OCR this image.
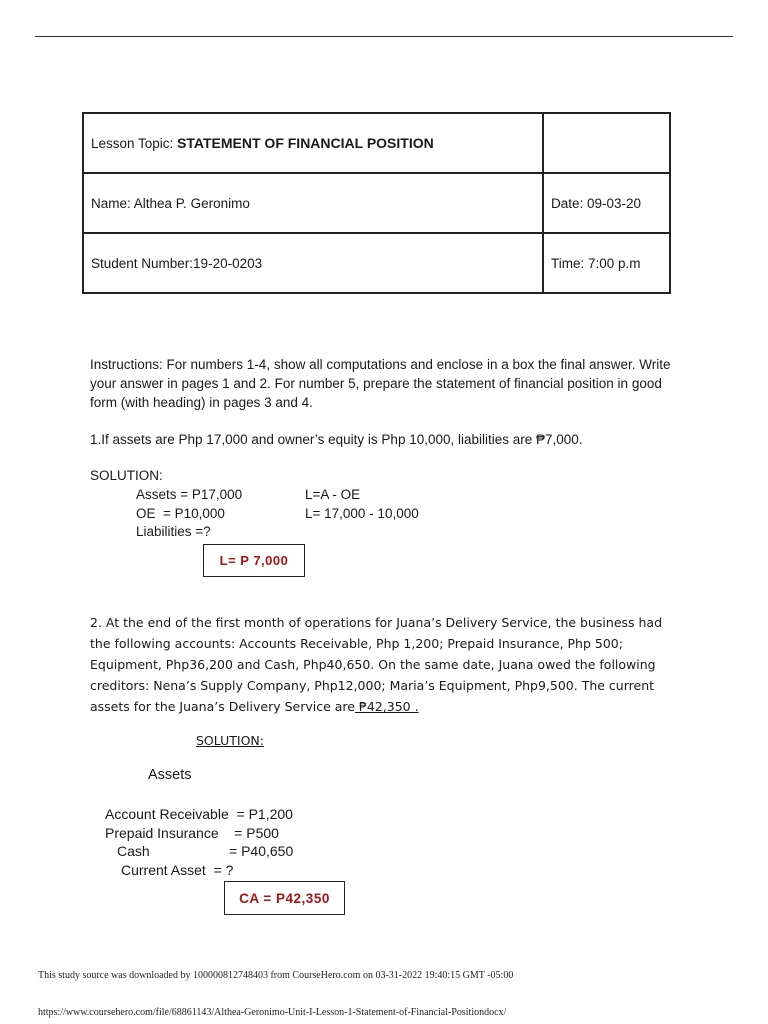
Lesson Topic: STATEMENT OF FINANCIAL POSITION	
Name: Althea P. Geronimo	Date: 09-03-20
Student Number:19-20-0203	Time: 7:00 p.m

Instructions: For numbers 1-4, show all computations and enclose in a box the final answer. Write your answer in pages 1 and 2. For number 5, prepare the statement of financial position in good form (with heading) in pages 3 and 4.

1.If assets are Php 17,000 and owner’s equity is Php 10,000, liabilities are ₱7,000.

SOLUTION:
Assets = P17,000
OE  = P10,000
Liabilities =?
L=A - OE
L= 17,000 - 10,000
L= P 7,000

2. At the end of the first month of operations for Juana’s Delivery Service, the business had the following accounts: Accounts Receivable, Php 1,200; Prepaid Insurance, Php 500; Equipment, Php36,200 and Cash, Php40,650. On the same date, Juana owed the following creditors: Nena’s Supply Company, Php12,000; Maria’s Equipment, Php9,500. The current assets for the Juana’s Delivery Service are ₱42,350 .

SOLUTION:
Assets
Account Receivable  = P1,200
Prepaid Insurance    = P500
Cash	= P40,650
Current Asset  = ?
CA = P42,350
This study source was downloaded by 100000812748403 from CourseHero.com on 03-31-2022 19:40:15 GMT -05:00
https://www.coursehero.com/file/68861143/Althea-Geronimo-Unit-I-Lesson-1-Statement-of-Financial-Positiondocx/
